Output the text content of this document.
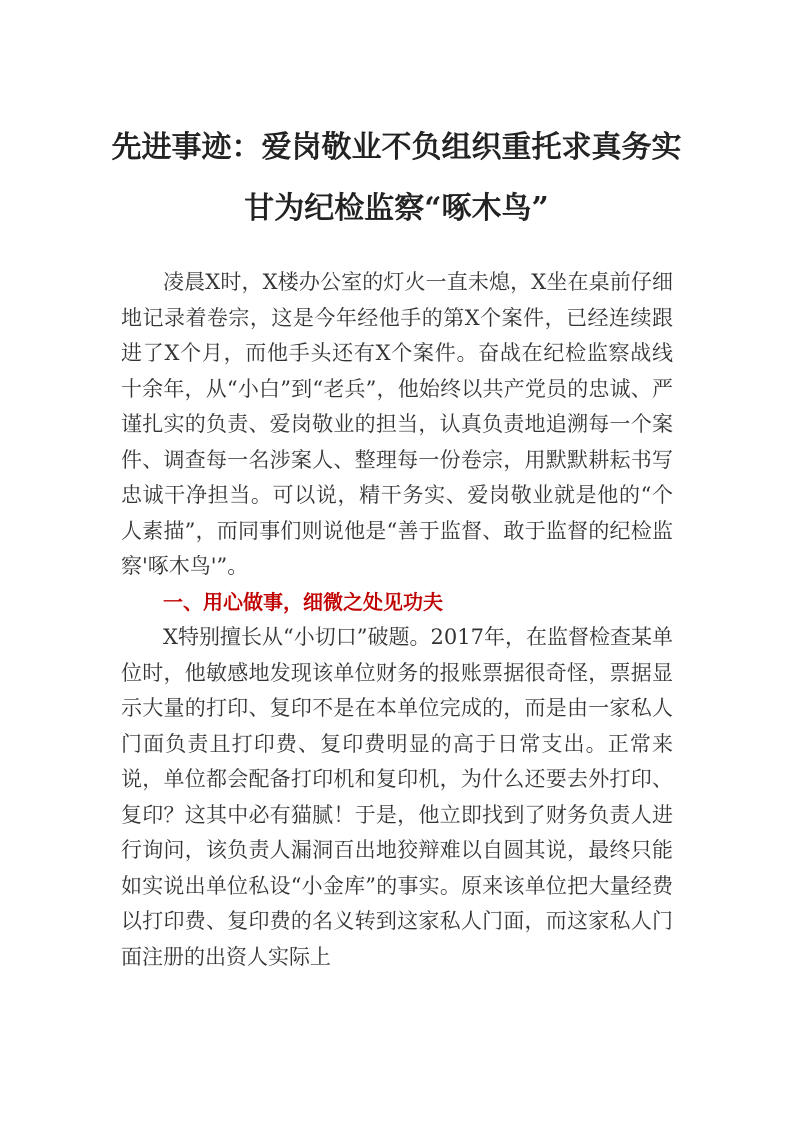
先进事迹：爱岗敬业不负组织重托求真务实
甘为纪检监察“啄木鸟”

凌晨X时，X楼办公室的灯火一直未熄，X坐在桌前仔细地记录着卷宗，这是今年经他手的第X个案件，已经连续跟进了X个月，而他手头还有X个案件。奋战在纪检监察战线十余年，从“小白”到“老兵”，他始终以共产党员的忠诚、严谨扎实的负责、爱岗敬业的担当，认真负责地追溯每一个案件、调查每一名涉案人、整理每一份卷宗，用默默耕耘书写忠诚干净担当。可以说，精干务实、爱岗敬业就是他的“个人素描”，而同事们则说他是“善于监督、敢于监督的纪检监察'啄木鸟'”。

一、用心做事，细微之处见功夫

X特别擅长从“小切口”破题。2017年，在监督检查某单位时，他敏感地发现该单位财务的报账票据很奇怪，票据显示大量的打印、复印不是在本单位完成的，而是由一家私人门面负责且打印费、复印费明显的高于日常支出。正常来说，单位都会配备打印机和复印机，为什么还要去外打印、复印？这其中必有猫腻！于是，他立即找到了财务负责人进行询问，该负责人漏洞百出地狡辩难以自圆其说，最终只能如实说出单位私设“小金库”的事实。原来该单位把大量经费以打印费、复印费的名义转到这家私人门面，而这家私人门面注册的出资人实际上
